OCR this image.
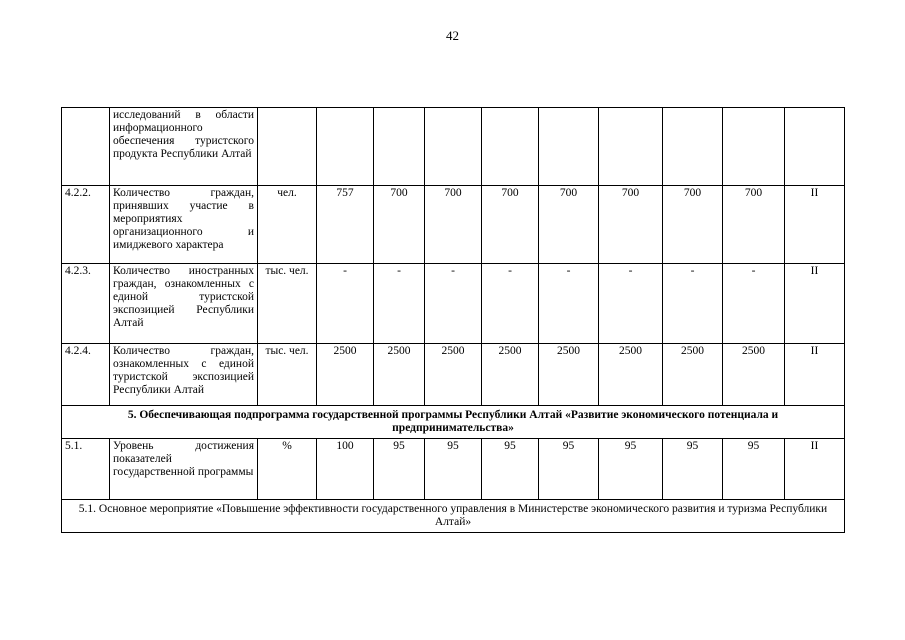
42
	исследований в области информационного обеспечения туристского продукта Республики Алтай										
4.2.2.	Количество граждан, принявших участие в мероприятиях организационного и имиджевого характера	чел.	757	700	700	700	700	700	700	700	II
4.2.3.	Количество иностранных граждан, ознакомленных с единой туристской экспозицией Республики Алтай	тыс. чел.	-	-	-	-	-	-	-	-	II
4.2.4.	Количество граждан, ознакомленных с единой туристской экспозицией Республики Алтай	тыс. чел.	2500	2500	2500	2500	2500	2500	2500	2500	II
5. Обеспечивающая подпрограмма государственной программы Республики Алтай «Развитие экономического потенциала и предпринимательства»											
5.1.	Уровень достижения показателей государственной программы	%	100	95	95	95	95	95	95	95	II
5.1. Основное мероприятие «Повышение эффективности государственного управления в Министерстве экономического развития и туризма Республики Алтай»											
